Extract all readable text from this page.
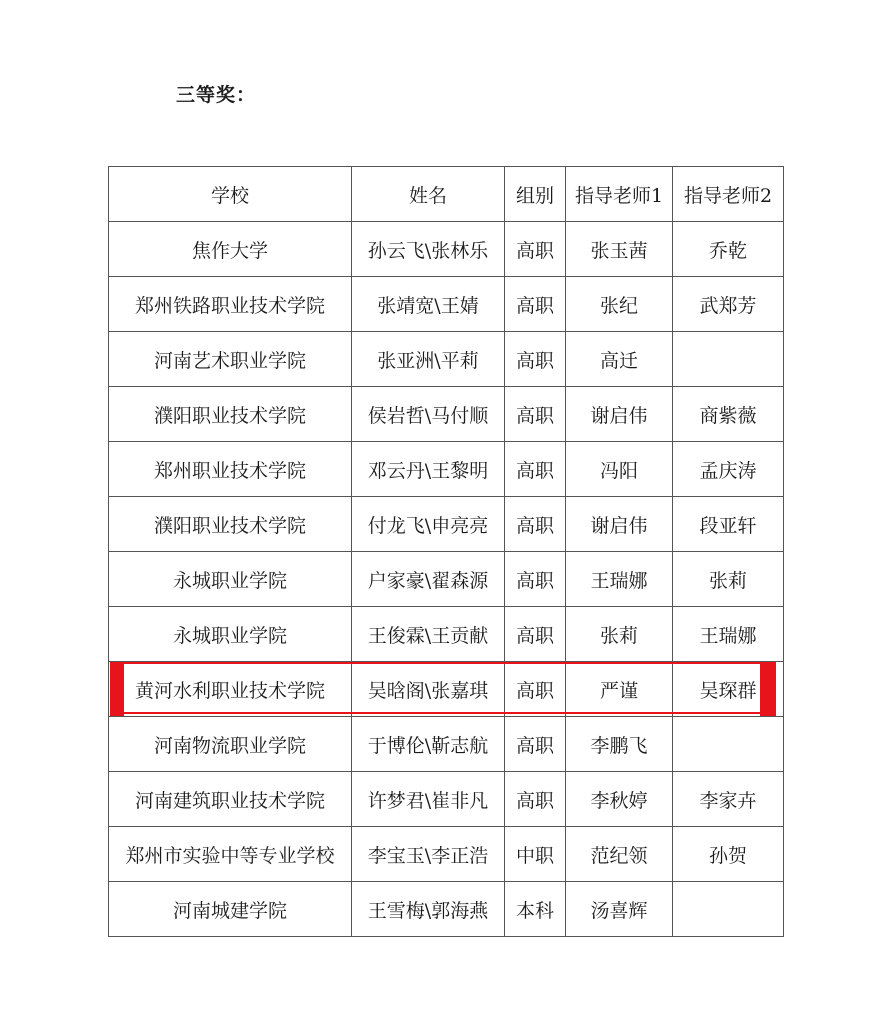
三等奖：
学校	姓名	组别	指导老师1	指导老师2
焦作大学	孙云飞\张林乐	高职	张玉茜	乔乾
郑州铁路职业技术学院	张靖宽\王婧	高职	张纪	武郑芳
河南艺术职业学院	张亚洲\平莉	高职	高迁	
濮阳职业技术学院	侯岩哲\马付顺	高职	谢启伟	商紫薇
郑州职业技术学院	邓云丹\王黎明	高职	冯阳	孟庆涛
濮阳职业技术学院	付龙飞\申亮亮	高职	谢启伟	段亚轩
永城职业学院	户家豪\翟森源	高职	王瑞娜	张莉
永城职业学院	王俊霖\王贡献	高职	张莉	王瑞娜
黄河水利职业技术学院	吴晗阁\张嘉琪	高职	严谨	吴琛群
河南物流职业学院	于博伦\靳志航	高职	李鹏飞	
河南建筑职业技术学院	许梦君\崔非凡	高职	李秋婷	李家卉
郑州市实验中等专业学校	李宝玉\李正浩	中职	范纪领	孙贺
河南城建学院	王雪梅\郭海燕	本科	汤喜辉	
